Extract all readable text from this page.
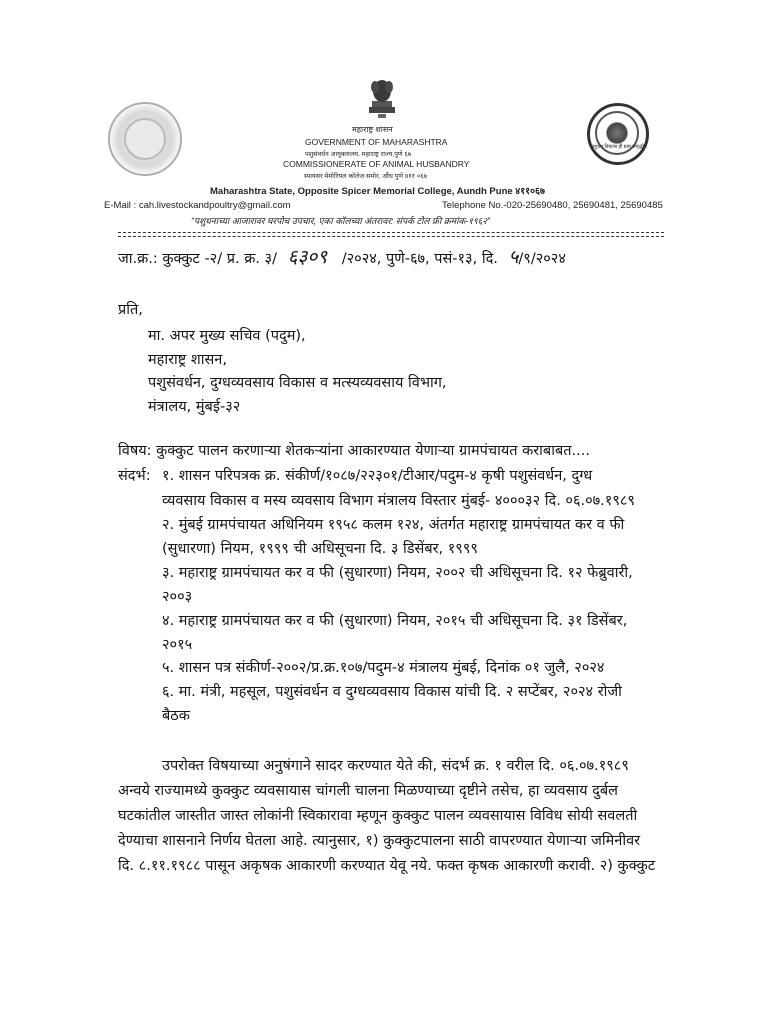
पशुधन विकास ही ग्राम समृद्धी
महाराष्ट्र शासन
GOVERNMENT OF MAHARASHTRA
पशुसंवर्धन आयुक्तालय, महाराष्ट्र राज्य,पुणे ६७
COMMISSIONERATE OF ANIMAL HUSBANDRY
स्पायसर मेमोरियल कॉलेज समोर, औंध पुणे ४११ ०६७
Maharashtra State, Opposite Spicer Memorial College, Aundh Pune ४११०६७
E-Mail : cah.livestockandpoultry@gmail.com	Telephone No.-020-25690480, 25690481, 25690485
“पशुधनाच्या आजारावर घरपोच उपचार, एका कॉलच्या अंतरावर: संपर्क टोल फ्री क्रमांक-१९६२”
जा.क्र.: कुक्कुट -२/ प्र. क्र. ३/ ६३०९ /२०२४, पुणे-६७, पसं-१३, दि. ५/९/२०२४
प्रति,
मा. अपर मुख्य सचिव (पदुम),
महाराष्ट्र शासन,
पशुसंवर्धन, दुग्धव्यवसाय विकास व मत्स्यव्यवसाय विभाग,
मंत्रालय, मुंबई-३२
विषय: कुक्कुट पालन करणाऱ्या शेतकऱ्यांना आकारण्यात येणाऱ्या ग्रामपंचायत कराबाबत....
संदर्भ: १. शासन परिपत्रक क्र. संकीर्ण/१०८७/२२३०१/टीआर/पदुम-४ कृषी पशुसंवर्धन, दुग्ध
व्यवसाय विकास व मस्य व्यवसाय विभाग मंत्रालय विस्तार मुंबई- ४०००३२ दि. ०६.०७.१९८९
२. मुंबई ग्रामपंचायत अधिनियम १९५८ कलम १२४, अंतर्गत महाराष्ट्र ग्रामपंचायत कर व फी
(सुधारणा) नियम, १९९९ ची अधिसूचना दि. ३ डिसेंबर, १९९९
३. महाराष्ट्र ग्रामपंचायत कर व फी (सुधारणा) नियम, २००२ ची अधिसूचना दि. १२ फेब्रुवारी,
२००३
४. महाराष्ट्र ग्रामपंचायत कर व फी (सुधारणा) नियम, २०१५ ची अधिसूचना दि. ३१ डिसेंबर,
२०१५
५. शासन पत्र संकीर्ण-२००२/प्र.क्र.१०७/पदुम-४ मंत्रालय मुंबई, दिनांक ०१ जुलै, २०२४
६. मा. मंत्री, महसूल, पशुसंवर्धन व दुग्धव्यवसाय विकास यांची दि. २ सप्टेंबर, २०२४ रोजी
बैठक
उपरोक्त विषयाच्या अनुषंगाने सादर करण्यात येते की, संदर्भ क्र. १ वरील दि. ०६.०७.१९८९
अन्वये राज्यामध्ये कुक्कुट व्यवसायास चांगली चालना मिळण्याच्या दृष्टीने तसेच, हा व्यवसाय दुर्बल
घटकांतील जास्तीत जास्त लोकांनी स्विकारावा म्हणून कुक्कुट पालन व्यवसायास विविध सोयी सवलती
देण्याचा शासनाने निर्णय घेतला आहे. त्यानुसार, १) कुक्कुटपालना साठी वापरण्यात येणाऱ्या जमिनीवर
दि. ८.११.१९८८ पासून अकृषक आकारणी करण्यात येवू नये. फक्त कृषक आकारणी करावी. २) कुक्कुट
